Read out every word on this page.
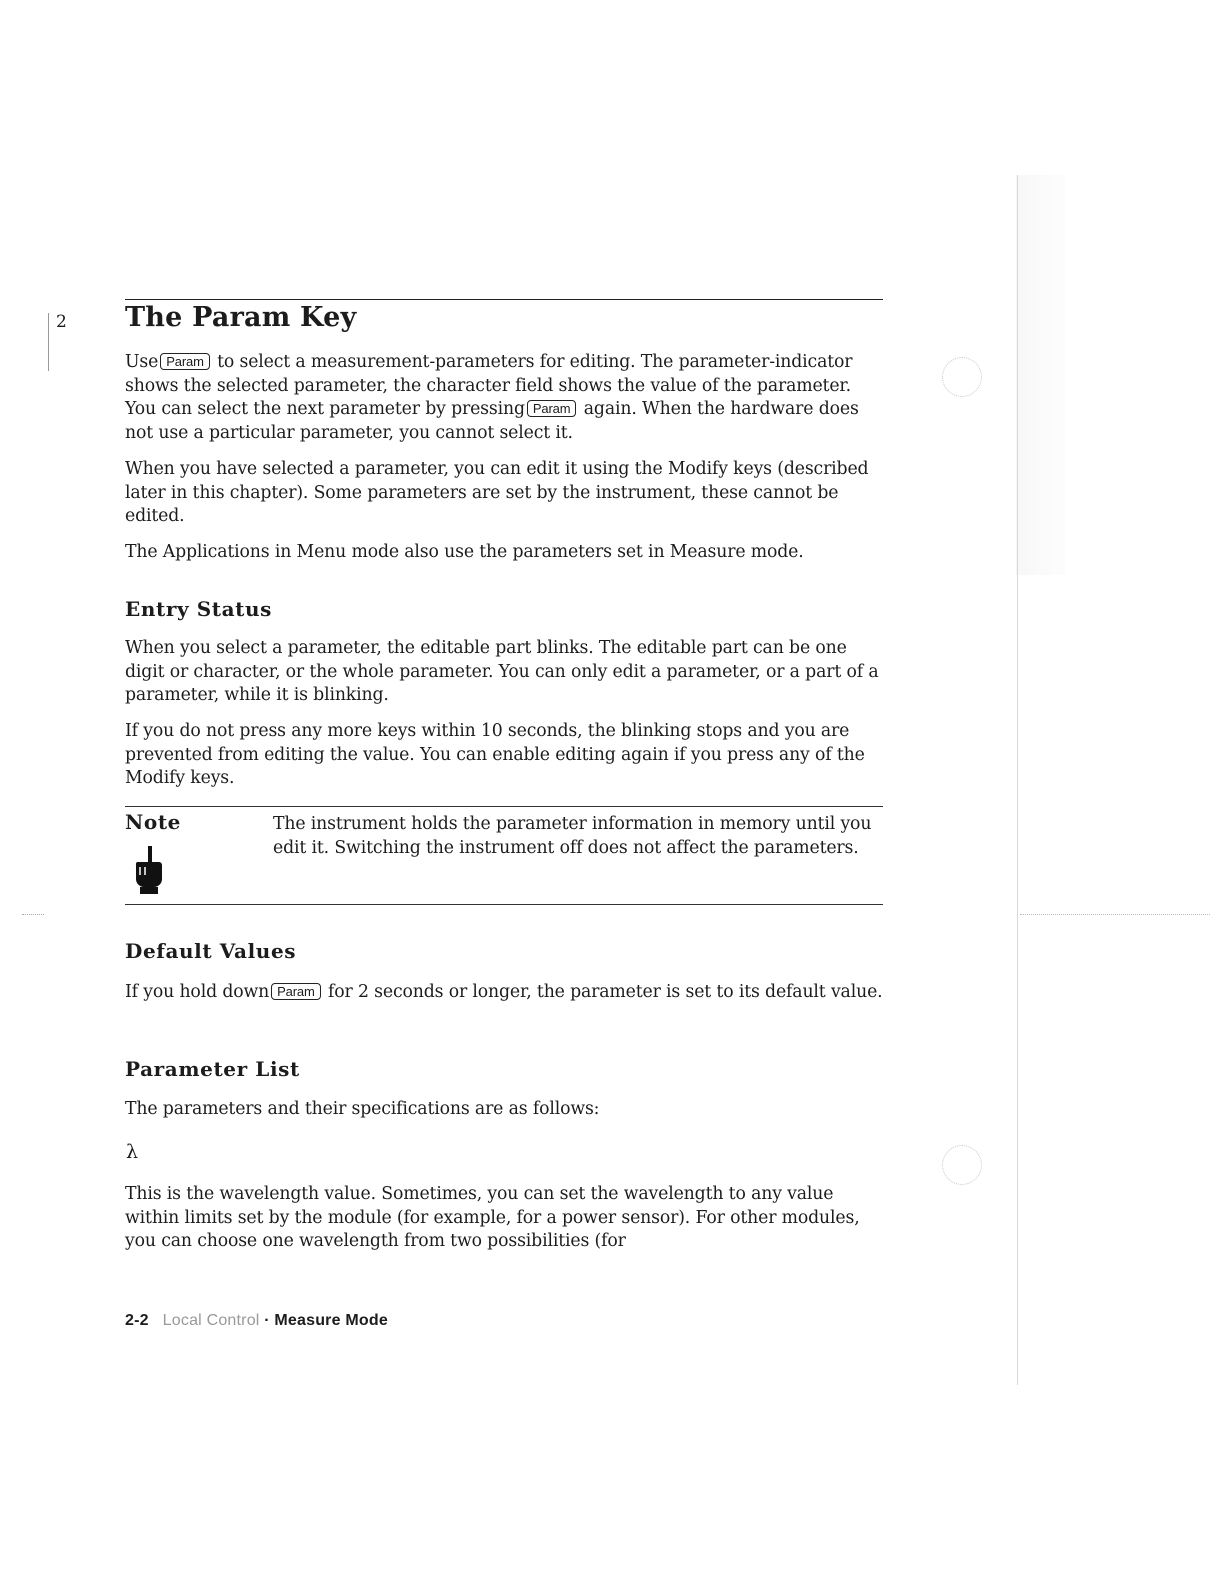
2 The Param Key

Use Param to select a measurement-parameters for editing. The parameter-indicator shows the selected parameter, the character field shows the value of the parameter. You can select the next parameter by pressing Param again. When the hardware does not use a particular parameter, you cannot select it.

When you have selected a parameter, you can edit it using the Modify keys (described later in this chapter). Some parameters are set by the instrument, these cannot be edited.

The Applications in Menu mode also use the parameters set in Measure mode.

Entry Status

When you select a parameter, the editable part blinks. The editable part can be one digit or character, or the whole parameter. You can only edit a parameter, or a part of a parameter, while it is blinking.

If you do not press any more keys within 10 seconds, the blinking stops and you are prevented from editing the value. You can enable editing again if you press any of the Modify keys.

Note	The instrument holds the parameter information in memory until you edit it. Switching the instrument off does not affect the parameters.

Default Values

If you hold down Param for 2 seconds or longer, the parameter is set to its default value.

Parameter List

The parameters and their specifications are as follows:

λ

This is the wavelength value. Sometimes, you can set the wavelength to any value within limits set by the module (for example, for a power sensor). For other modules, you can choose one wavelength from two possibilities (for

2-2 Local Control · Measure Mode
